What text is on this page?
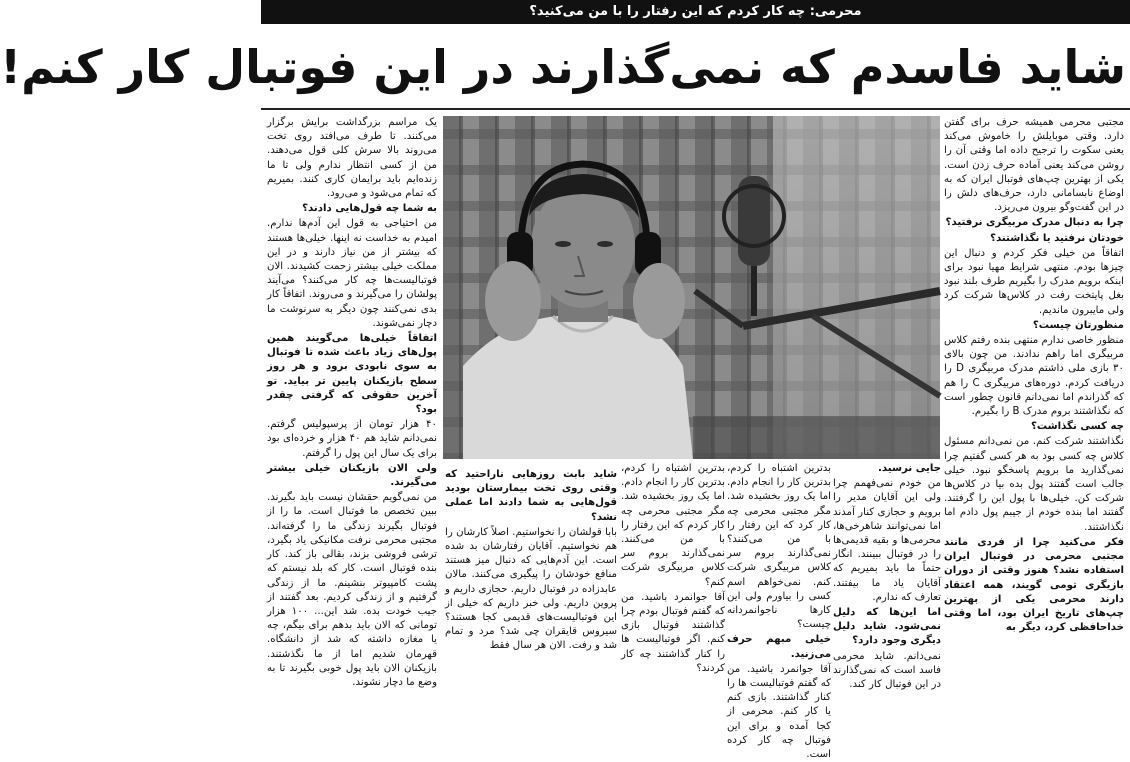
محرمی: چه کار کردم که این رفتار را با من می‌کنید؟
شاید فاسدم که نمی‌گذارند در این فوتبال کار کنم!

مجتبی محرمی همیشه حرف برای گفتن دارد. وقتی موبایلش را خاموش می‌کند یعنی سکوت را ترجیح داده اما وقتی آن را روشن می‌کند یعنی آماده حرف زدن است. یکی از بهترین چپ‌های فوتبال ایران که به اوضاع نابسامانی دارد، حرف‌های دلش را در این گفت‌وگو بیرون می‌ریزد.

چرا به دنبال مدرک مربیگری نرفتید؟

خودتان نرفتید یا نگذاشتند؟

اتفاقاً من خیلی فکر کردم و دنبال این چیزها بودم. منتهی شرایط مهیا نبود برای اینکه برویم مدرک را بگیریم طرف بلند نبود بغل پایتخت رفت در کلاس‌ها شرکت کرد ولی مایبرون ماندیم.

منظورتان چیست؟

منظور خاصی ندارم منتهی بنده رفتم کلاس مربیگری اما راهم ندادند. من چون بالای ۳۰ بازی ملی داشتم مدرک مربیگری D را دریافت کردم. دوره‌های مربیگری C را هم که گذراندم اما نمی‌دانم قانون چطور است که نگذاشتند بروم مدرک B را بگیرم.

چه کسی نگذاشت؟

نگذاشتند شرکت کنم. من نمی‌دانم مسئول کلاس چه کسی بود به هر کسی گفتیم چرا نمی‌گذارید ما برویم پاسخگو نبود. خیلی جالب است گفتند پول بده بیا در کلاس‌ها شرکت کن. خیلی‌ها با پول این را گرفتند. گفتند اما بنده خودم از جیبم پول دادم اما نگذاشتند.

فکر می‌کنید چرا از فردی مانند مجتبی محرمی در فوتبال ایران استفاده نشد؟ هنوز وقتی از دوران بازیگری تومی گویند، همه اعتقاد دارند محرمی یکی از بهترین چپ‌های تاریخ ایران بود، اما وقتی خداحافظی کرد، دیگر به

یک مراسم بزرگداشت برایش برگزار می‌کنند. تا طرف می‌افتد روی تخت می‌روند بالا سرش کلی قول می‌دهند. من از کسی انتظار ندارم ولی تا ما زنده‌ایم باید برایمان کاری کنند. بمیریم که تمام می‌شود و می‌رود.

به شما چه قول‌هایی دادند؟

من احتیاجی به قول این آدم‌ها ندارم. امیدم به خداست نه اینها. خیلی‌ها هستند که بیشتر از من نیاز دارند و در این مملکت خیلی بیشتر زحمت کشیدند. الان فوتبالیست‌ها چه کار می‌کنند؟ می‌آیند پولشان را می‌گیرند و می‌روند. اتفاقاً کار بدی نمی‌کنند چون دیگر به سرنوشت ما دچار نمی‌شوند.

اتفاقاً خیلی‌ها می‌گویند همین پول‌های زیاد باعث شده تا فوتبال به سوی نابودی برود و هر روز سطح بازیکنان پایین تر بیاید. تو آخرین حقوقی که گرفتی چقدر بود؟

۴۰ هزار تومان از پرسپولیس گرفتم. نمی‌دانم شاید هم ۴۰ هزار و خرده‌ای بود برای یک سال این پول را گرفتم.

ولی الان بازیکنان خیلی بیشتر می‌گیرند.

من نمی‌گویم حقشان نیست باید بگیرند. ببین تخصص ما فوتبال است. ما را از فوتبال بگیرند زندگی ما را گرفته‌اند. مجتبی محرمی نرفت مکانیکی یاد بگیرد، ترشی فروشی بزند، بقالی باز کند. کار بنده فوتبال است. کار که بلد نیستم که پشت کامپیوتر بنشینم. ما از زندگی گرفتیم و از زندگی کردیم. بعد گفتند از جیب خودت بده. شد این... ۱۰۰ هزار تومانی که الان باید بدهم برای بیگم، چه یا مغازه داشته که شد از دانشگاه. قهرمان شدیم اما از ما نگذشتند. بازیکنان الان باید پول خوبی بگیرند تا به وضع ما دچار نشوند.

جایی نرسید.

من خودم نمی‌فهمم چرا ولی این آقایان مدیر را برویم و حجازی کنار آمدند اما نمی‌توانند شاهرخی‌ها، محرمی‌ها و بقیه قدیمی‌ها را در فوتبال ببینند. انگار حتماً ما باید بمیریم که آقایان یاد ما بیفتند. تعارف که ندارم.

اما این‌ها که دلیل نمی‌شود. شاید دلیل دیگری وجود دارد؟

نمی‌دانم. شاید محرمی فاسد است که نمی‌گذارند در این فوتبال کار کند.

بدترین اشتباه را کردم، بدترین کار را انجام دادم. اما یک روز بخشیده شد. مگر مجتبی محرمی چه کار کرد که این رفتار را با من می‌کنند؟ نمی‌گذارند بروم سر کلاس مربیگری شرکت کنم. نمی‌خواهم اسم کسی را بیاورم ولی این کارها ناجوانمردانه چیست؟

خیلی مبهم حرف می‌زنید.

آقا جوانمرد باشید. من که گفتم فوتبالیست ها را کنار گذاشتند. بازی کنم یا کار کنم. محرمی از کجا آمده و برای این فوتبال چه کار کرده است.

بدترین اشتباه را کردم، بدترین کار را انجام دادم. اما یک روز بخشیده شد. مگر مجتبی محرمی چه کار کردم که این رفتار را با من می‌کنند. نمی‌گذارند بروم سر کلاس مربیگری شرکت کنم؟

آقا جوانمرد باشید. من که گفتم فوتبال بودم چرا گذاشتند فوتبال بازی کنم. اگر فوتبالیست ها را کنار گذاشتند چه کار کردند؟

شاید بابت روزهایی ناراحتید که وقتی روی تخت بیمارستان بودید قول‌هایی به شما دادند اما عملی نشد؟

بابا قولشان را نخواستیم. اصلاً کارشان را هم نخواستیم. آقایان رفتارشان بد شده است. این آدم‌هایی که دنبال میز هستند منافع خودشان را پیگیری می‌کنند. مالان عابدزاده در فوتبال داریم. حجازی داریم و پروین داریم. ولی خبر داریم که خیلی از این فوتبالیست‌های قدیمی کجا هستند؟ سیروس قایقران چی شد؟ مرد و تمام شد و رفت. الان هر سال فقط
